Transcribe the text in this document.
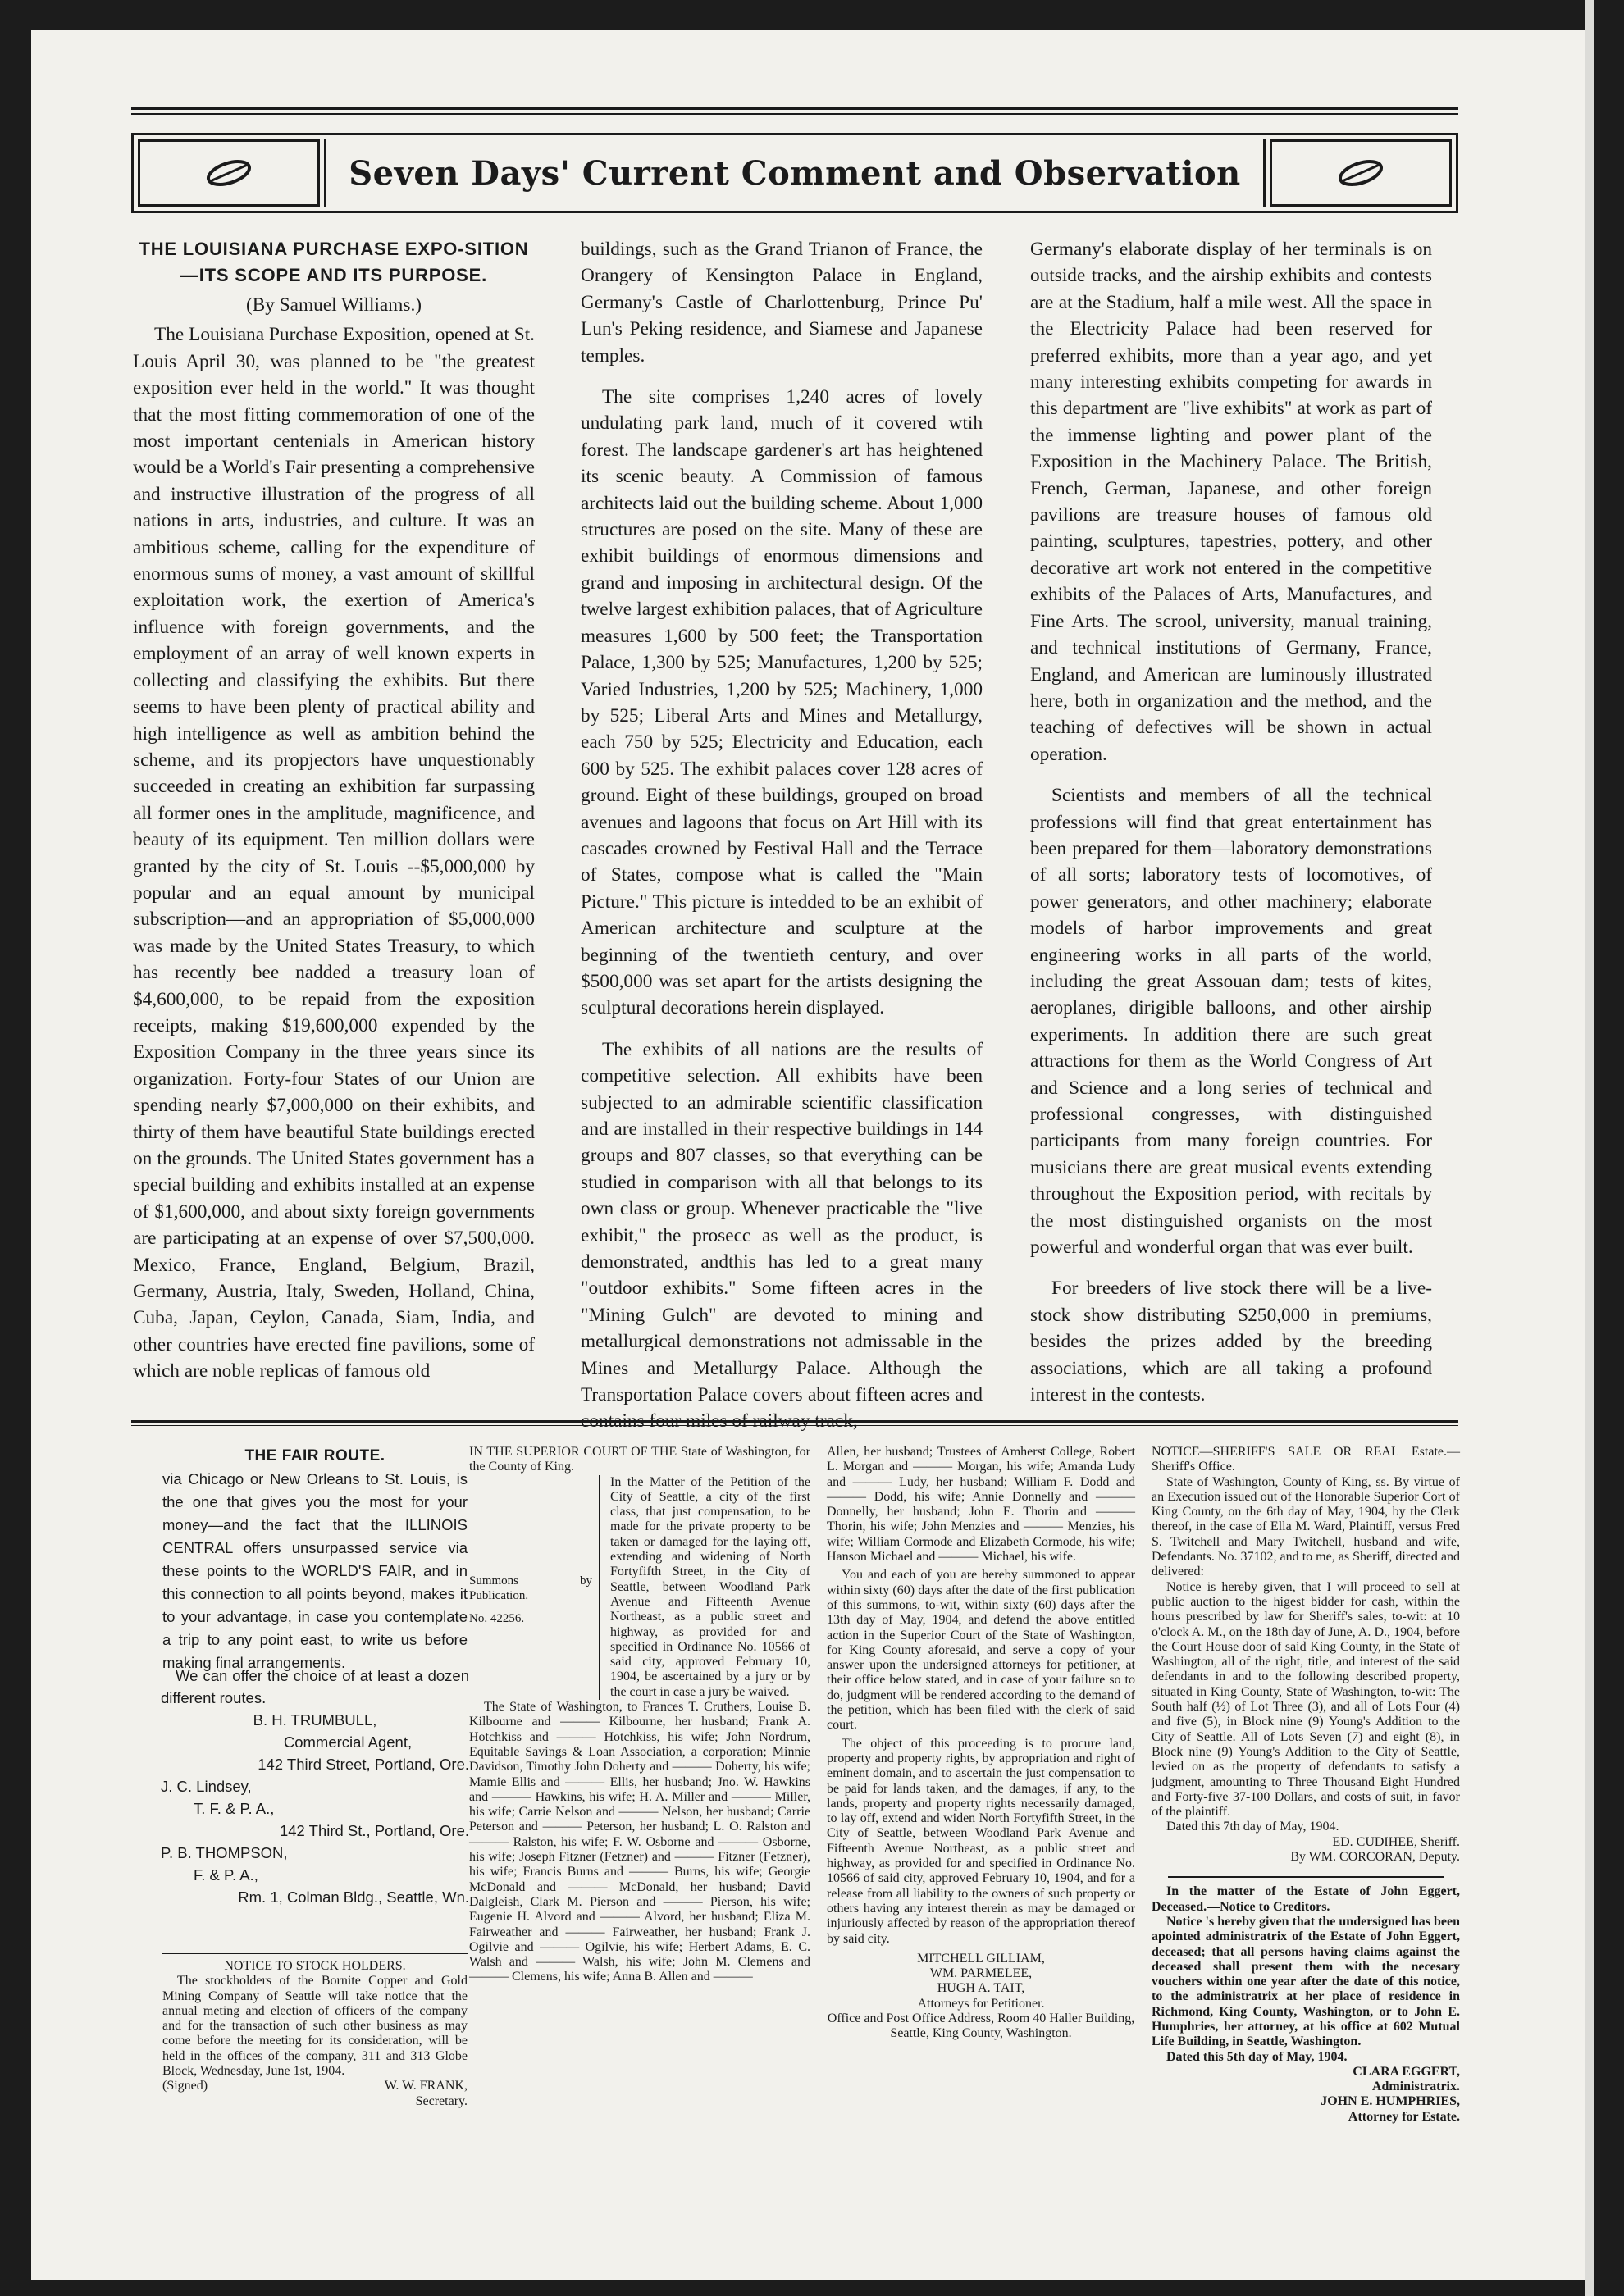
Seven Days' Current Comment and Observation
THE LOUISIANA PURCHASE EXPO-SITION—ITS SCOPE AND ITS PURPOSE.
(By Samuel Williams.)

The Louisiana Purchase Exposition, opened at St. Louis April 30, was planned to be "the greatest exposition ever held in the world." It was thought that the most fitting commemoration of one of the most important centenials in American history would be a World's Fair presenting a comprehensive and instructive illustration of the progress of all nations in arts, industries, and culture. It was an ambitious scheme, calling for the expenditure of enormous sums of money, a vast amount of skillful exploitation work, the exertion of America's influence with foreign governments, and the employment of an array of well known experts in collecting and classifying the exhibits. But there seems to have been plenty of practical ability and high intelligence as well as ambition behind the scheme, and its propjectors have unquestionably succeeded in creating an exhibition far surpassing all former ones in the amplitude, magnificence, and beauty of its equipment. Ten million dollars were granted by the city of St. Louis --$5,000,000 by popular and an equal amount by municipal subscription—and an appropriation of $5,000,000 was made by the United States Treasury, to which has recently bee nadded a treasury loan of $4,600,000, to be repaid from the exposition receipts, making $19,600,000 expended by the Exposition Company in the three years since its organization. Forty-four States of our Union are spending nearly $7,000,000 on their exhibits, and thirty of them have beautiful State buildings erected on the grounds. The United States government has a special building and exhibits installed at an expense of $1,600,000, and about sixty foreign governments are participating at an expense of over $7,500,000. Mexico, France, England, Belgium, Brazil, Germany, Austria, Italy, Sweden, Holland, China, Cuba, Japan, Ceylon, Canada, Siam, India, and other countries have erected fine pavilions, some of which are noble replicas of famous old

buildings, such as the Grand Trianon of France, the Orangery of Kensington Palace in England, Germany's Castle of Charlottenburg, Prince Pu' Lun's Peking residence, and Siamese and Japanese temples.

The site comprises 1,240 acres of lovely undulating park land, much of it covered wtih forest. The landscape gardener's art has heightened its scenic beauty. A Commission of famous architects laid out the building scheme. About 1,000 structures are posed on the site. Many of these are exhibit buildings of enormous dimensions and grand and imposing in architectural design. Of the twelve largest exhibition palaces, that of Agriculture measures 1,600 by 500 feet; the Transportation Palace, 1,300 by 525; Manufactures, 1,200 by 525; Varied Industries, 1,200 by 525; Machinery, 1,000 by 525; Liberal Arts and Mines and Metallurgy, each 750 by 525; Electricity and Education, each 600 by 525. The exhibit palaces cover 128 acres of ground. Eight of these buildings, grouped on broad avenues and lagoons that focus on Art Hill with its cascades crowned by Festival Hall and the Terrace of States, compose what is called the "Main Picture." This picture is intedded to be an exhibit of American architecture and sculpture at the beginning of the twentieth century, and over $500,000 was set apart for the artists designing the sculptural decorations herein displayed.

The exhibits of all nations are the results of competitive selection. All exhibits have been subjected to an admirable scientific classification and are installed in their respective buildings in 144 groups and 807 classes, so that everything can be studied in comparison with all that belongs to its own class or group. Whenever practicable the "live exhibit," the prosecc as well as the product, is demonstrated, andthis has led to a great many "outdoor exhibits." Some fifteen acres in the "Mining Gulch" are devoted to mining and metallurgical demonstrations not admissable in the Mines and Metallurgy Palace. Although the Transportation Palace covers about fifteen acres and contains four miles of railway track,

Germany's elaborate display of her terminals is on outside tracks, and the airship exhibits and contests are at the Stadium, half a mile west. All the space in the Electricity Palace had been reserved for preferred exhibits, more than a year ago, and yet many interesting exhibits competing for awards in this department are "live exhibits" at work as part of the immense lighting and power plant of the Exposition in the Machinery Palace. The British, French, German, Japanese, and other foreign pavilions are treasure houses of famous old painting, sculptures, tapestries, pottery, and other decorative art work not entered in the competitive exhibits of the Palaces of Arts, Manufactures, and Fine Arts. The scrool, university, manual training, and technical institutions of Germany, France, England, and American are luminously illustrated here, both in organization and the method, and the teaching of defectives will be shown in actual operation.

Scientists and members of all the technical professions will find that great entertainment has been prepared for them—laboratory demonstrations of all sorts; laboratory tests of locomotives, of power generators, and other machinery; elaborate models of harbor improvements and great engineering works in all parts of the world, including the great Assouan dam; tests of kites, aeroplanes, dirigible balloons, and other airship experiments. In addition there are such great attractions for them as the World Congress of Art and Science and a long series of technical and professional congresses, with distinguished participants from many foreign countries. For musicians there are great musical events extending throughout the Exposition period, with recitals by the most distinguished organists on the most powerful and wonderful organ that was ever built.

For breeders of live stock there will be a live-stock show distributing $250,000 in premiums, besides the prizes added by the breeding associations, which are all taking a profound interest in the contests.

THE FAIR ROUTE.

via Chicago or New Orleans to St. Louis, is the one that gives you the most for your money—and the fact that the ILLINOIS CENTRAL offers unsurpassed service via these points to the WORLD'S FAIR, and in this connection to all points beyond, makes it to your advantage, in case you contemplate a trip to any point east, to write us before making final arrangements.

We can offer the choice of at least a dozen different routes.

B. H. TRUMBULL,

Commercial Agent,

142 Third Street, Portland, Ore.

J. C. Lindsey,

T. F. & P. A.,

142 Third St., Portland, Ore.

P. B. THOMPSON,

F. & P. A.,

Rm. 1, Colman Bldg., Seattle, Wn.

NOTICE TO STOCK HOLDERS.

The stockholders of the Bornite Copper and Gold Mining Company of Seattle will take notice that the annual meting and election of officers of the company and for the transaction of such other business as may come before the meeting for its consideration, will be held in the offices of the company, 311 and 313 Globe Block, Wednesday, June 1st, 1904.

(Signed)	W. W. FRANK,

Secretary.

IN THE SUPERIOR COURT OF THE State of Washington, for the County of King.

Summons by Publication.
No. 42256.

In the Matter of the Petition of the City of Seattle, a city of the first class, that just compensation, to be made for the private property to be taken or damaged for the laying off, extending and widening of North Fortyfifth Street, in the City of Seattle, between Woodland Park Avenue and Fifteenth Avenue Northeast, as a public street and highway, as provided for and specified in Ordinance No. 10566 of said city, approved February 10, 1904, be ascertained by a jury or by the court in case a jury be waived.

The State of Washington, to Frances T. Cruthers, Louise B. Kilbourne and ——— Kilbourne, her husband; Frank A. Hotchkiss and ——— Hotchkiss, his wife; John Nordrum, Equitable Savings & Loan Association, a corporation; Minnie Davidson, Timothy John Doherty and ——— Doherty, his wife; Mamie Ellis and ——— Ellis, her husband; Jno. W. Hawkins and ——— Hawkins, his wife; H. A. Miller and ——— Miller, his wife; Carrie Nelson and ——— Nelson, her husband; Carrie Peterson and ——— Peterson, her husband; L. O. Ralston and ——— Ralston, his wife; F. W. Osborne and ——— Osborne, his wife; Joseph Fitzner (Fetzner) and ——— Fitzner (Fetzner), his wife; Francis Burns and ——— Burns, his wife; Georgie McDonald and ——— McDonald, her husband; David Dalgleish, Clark M. Pierson and ——— Pierson, his wife; Eugenie H. Alvord and ——— Alvord, her husband; Eliza M. Fairweather and ——— Fairweather, her husband; Frank J. Ogilvie and ——— Ogilvie, his wife; Herbert Adams, E. C. Walsh and ——— Walsh, his wife; John M. Clemens and ——— Clemens, his wife; Anna B. Allen and ———

Allen, her husband; Trustees of Amherst College, Robert L. Morgan and ——— Morgan, his wife; Amanda Ludy and ——— Ludy, her husband; William F. Dodd and ——— Dodd, his wife; Annie Donnelly and ——— Donnelly, her husband; John E. Thorin and ——— Thorin, his wife; John Menzies and ——— Menzies, his wife; William Cormode and Elizabeth Cormode, his wife; Hanson Michael and ——— Michael, his wife.

You and each of you are hereby summoned to appear within sixty (60) days after the date of the first publication of this summons, to-wit, within sixty (60) days after the 13th day of May, 1904, and defend the above entitled action in the Superior Court of the State of Washington, for King County aforesaid, and serve a copy of your answer upon the undersigned attorneys for petitioner, at their office below stated, and in case of your failure so to do, judgment will be rendered according to the demand of the petition, which has been filed with the clerk of said court.

The object of this proceeding is to procure land, property and property rights, by appropriation and right of eminent domain, and to ascertain the just compensation to be paid for lands taken, and the damages, if any, to the lands, property and property rights necessarily damaged, to lay off, extend and widen North Fortyfifth Street, in the City of Seattle, between Woodland Park Avenue and Fifteenth Avenue Northeast, as a public street and highway, as provided for and specified in Ordinance No. 10566 of said city, approved February 10, 1904, and for a release from all liability to the owners of such property or others having any interest therein as may be damaged or injuriously affected by reason of the appropriation thereof by said city.

MITCHELL GILLIAM,

WM. PARMELEE,

HUGH A. TAIT,

Attorneys for Petitioner.

Office and Post Office Address, Room 40 Haller Building, Seattle, King County, Washington.

NOTICE—SHERIFF'S SALE OR REAL Estate.—Sheriff's Office.

State of Washington, County of King, ss. By virtue of an Execution issued out of the Honorable Superior Cort of King County, on the 6th day of May, 1904, by the Clerk thereof, in the case of Ella M. Ward, Plaintiff, versus Fred S. Twitchell and Mary Twitchell, husband and wife, Defendants. No. 37102, and to me, as Sheriff, directed and delivered:

Notice is hereby given, that I will proceed to sell at public auction to the higest bidder for cash, within the hours prescribed by law for Sheriff's sales, to-wit: at 10 o'clock A. M., on the 18th day of June, A. D., 1904, before the Court House door of said King County, in the State of Washington, all of the right, title, and interest of the said defendants in and to the following described property, situated in King County, State of Washington, to-wit: The South half (½) of Lot Three (3), and all of Lots Four (4) and five (5), in Block nine (9) Young's Addition to the City of Seattle. All of Lots Seven (7) and eight (8), in Block nine (9) Young's Addition to the City of Seattle, levied on as the property of defendants to satisfy a judgment, amounting to Three Thousand Eight Hundred and Forty-five 37-100 Dollars, and costs of suit, in favor of the plaintiff.

Dated this 7th day of May, 1904.

ED. CUDIHEE, Sheriff.

By WM. CORCORAN, Deputy.

In the matter of the Estate of John Eggert, Deceased.—Notice to Creditors.

Notice 's hereby given that the undersigned has been apointed administratrix of the Estate of John Eggert, deceased; that all persons having claims against the deceased shall present them with the necesary vouchers within one year after the date of this notice, to the administratrix at her place of residence in Richmond, King County, Washington, or to John E. Humphries, her attorney, at his office at 602 Mutual Life Building, in Seattle, Washington.

Dated this 5th day of May, 1904.

CLARA EGGERT,

Administratrix.

JOHN E. HUMPHRIES,

Attorney for Estate.
